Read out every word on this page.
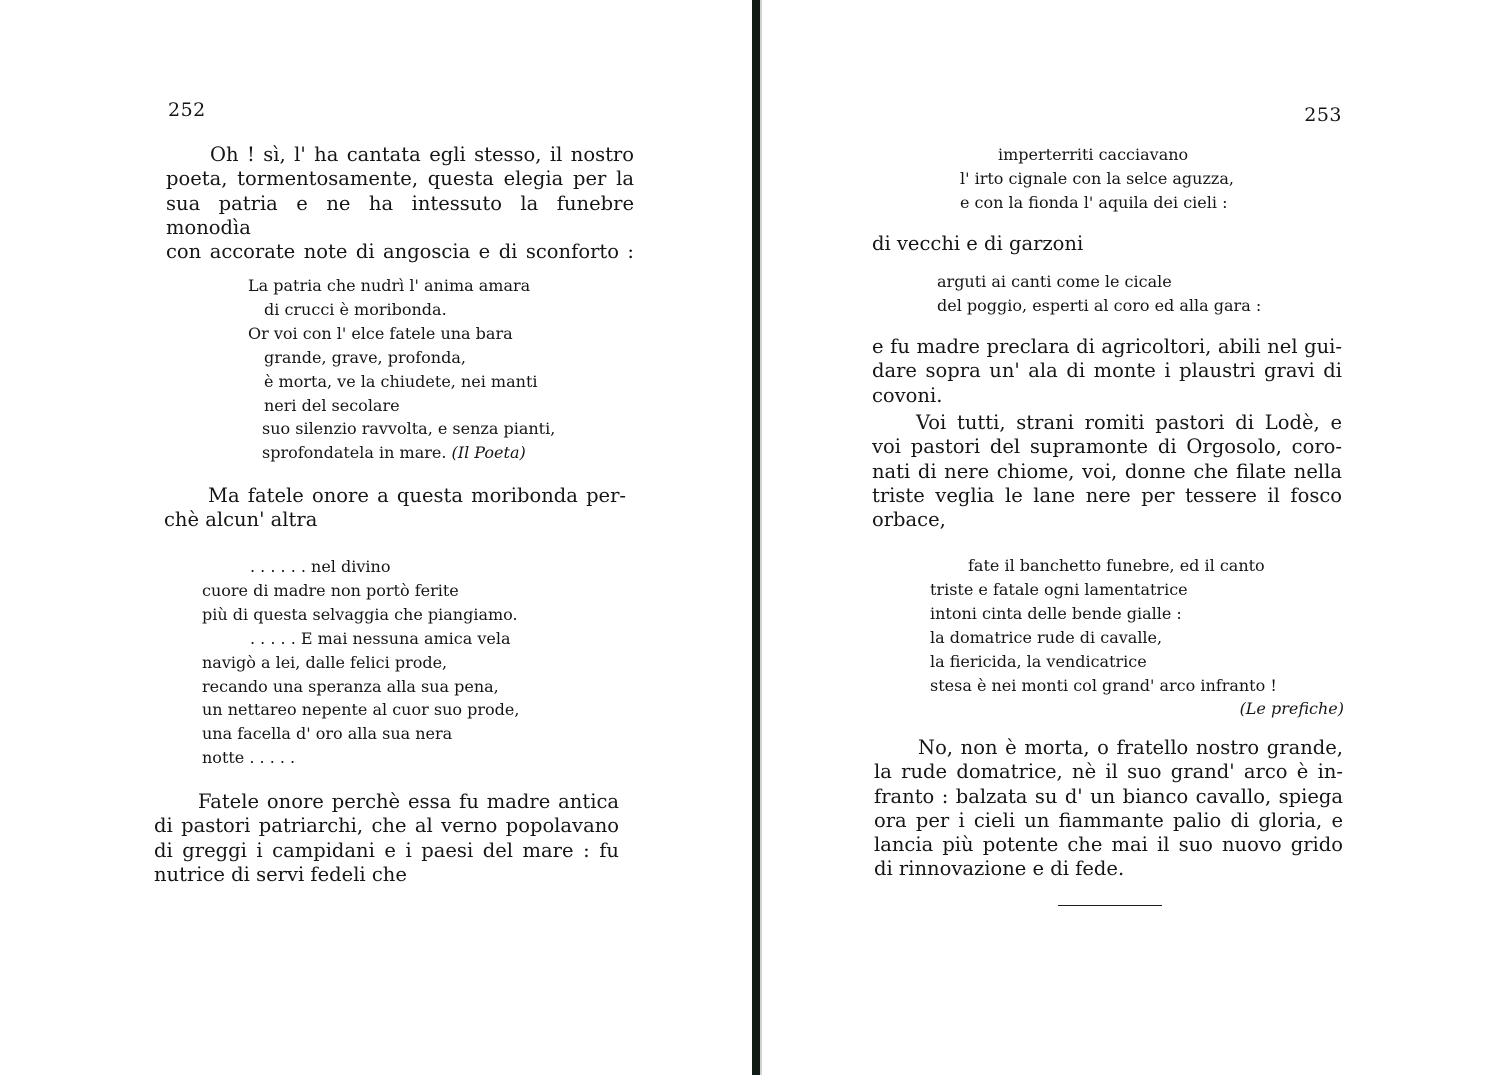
252
Oh ! sì, l' ha cantata egli stesso, il nostro
poeta, tormentosamente, questa elegia per la
sua patria e ne ha intessuto la funebre monodìa
con accorate note di angoscia e di sconforto :
La patria che nudrì l' anima amara
di crucci è moribonda.
Or voi con l' elce fatele una bara
grande, grave, profonda,
è morta, ve la chiudete, nei manti
neri del secolare
suo silenzio ravvolta, e senza pianti,
sprofondatela in mare. (Il Poeta)
Ma fatele onore a questa moribonda per-
chè alcun' altra
. . . . . . nel divino
cuore di madre non portò ferite
più di questa selvaggia che piangiamo.
. . . . . E mai nessuna amica vela
navigò a lei, dalle felici prode,
recando una speranza alla sua pena,
un nettareo nepente al cuor suo prode,
una facella d' oro alla sua nera
notte . . . . .
Fatele onore perchè essa fu madre antica
di pastori patriarchi, che al verno popolavano
di greggi i campidani e i paesi del mare : fu
nutrice di servi fedeli che
253
imperterriti cacciavano
l' irto cignale con la selce aguzza,
e con la fionda l' aquila dei cieli :
di vecchi e di garzoni
arguti ai canti come le cicale
del poggio, esperti al coro ed alla gara :
e fu madre preclara di agricoltori, abili nel gui-
dare sopra un' ala di monte i plaustri gravi di
covoni.
Voi tutti, strani romiti pastori di Lodè, e
voi pastori del supramonte di Orgosolo, coro-
nati di nere chiome, voi, donne che filate nella
triste veglia le lane nere per tessere il fosco
orbace,
fate il banchetto funebre, ed il canto
triste e fatale ogni lamentatrice
intoni cinta delle bende gialle :
la domatrice rude di cavalle,
la fiericida, la vendicatrice
stesa è nei monti col grand' arco infranto !
(Le prefiche)
No, non è morta, o fratello nostro grande,
la rude domatrice, nè il suo grand' arco è in-
franto : balzata su d' un bianco cavallo, spiega
ora per i cieli un fiammante palio di gloria, e
lancia più potente che mai il suo nuovo grido
di rinnovazione e di fede.
